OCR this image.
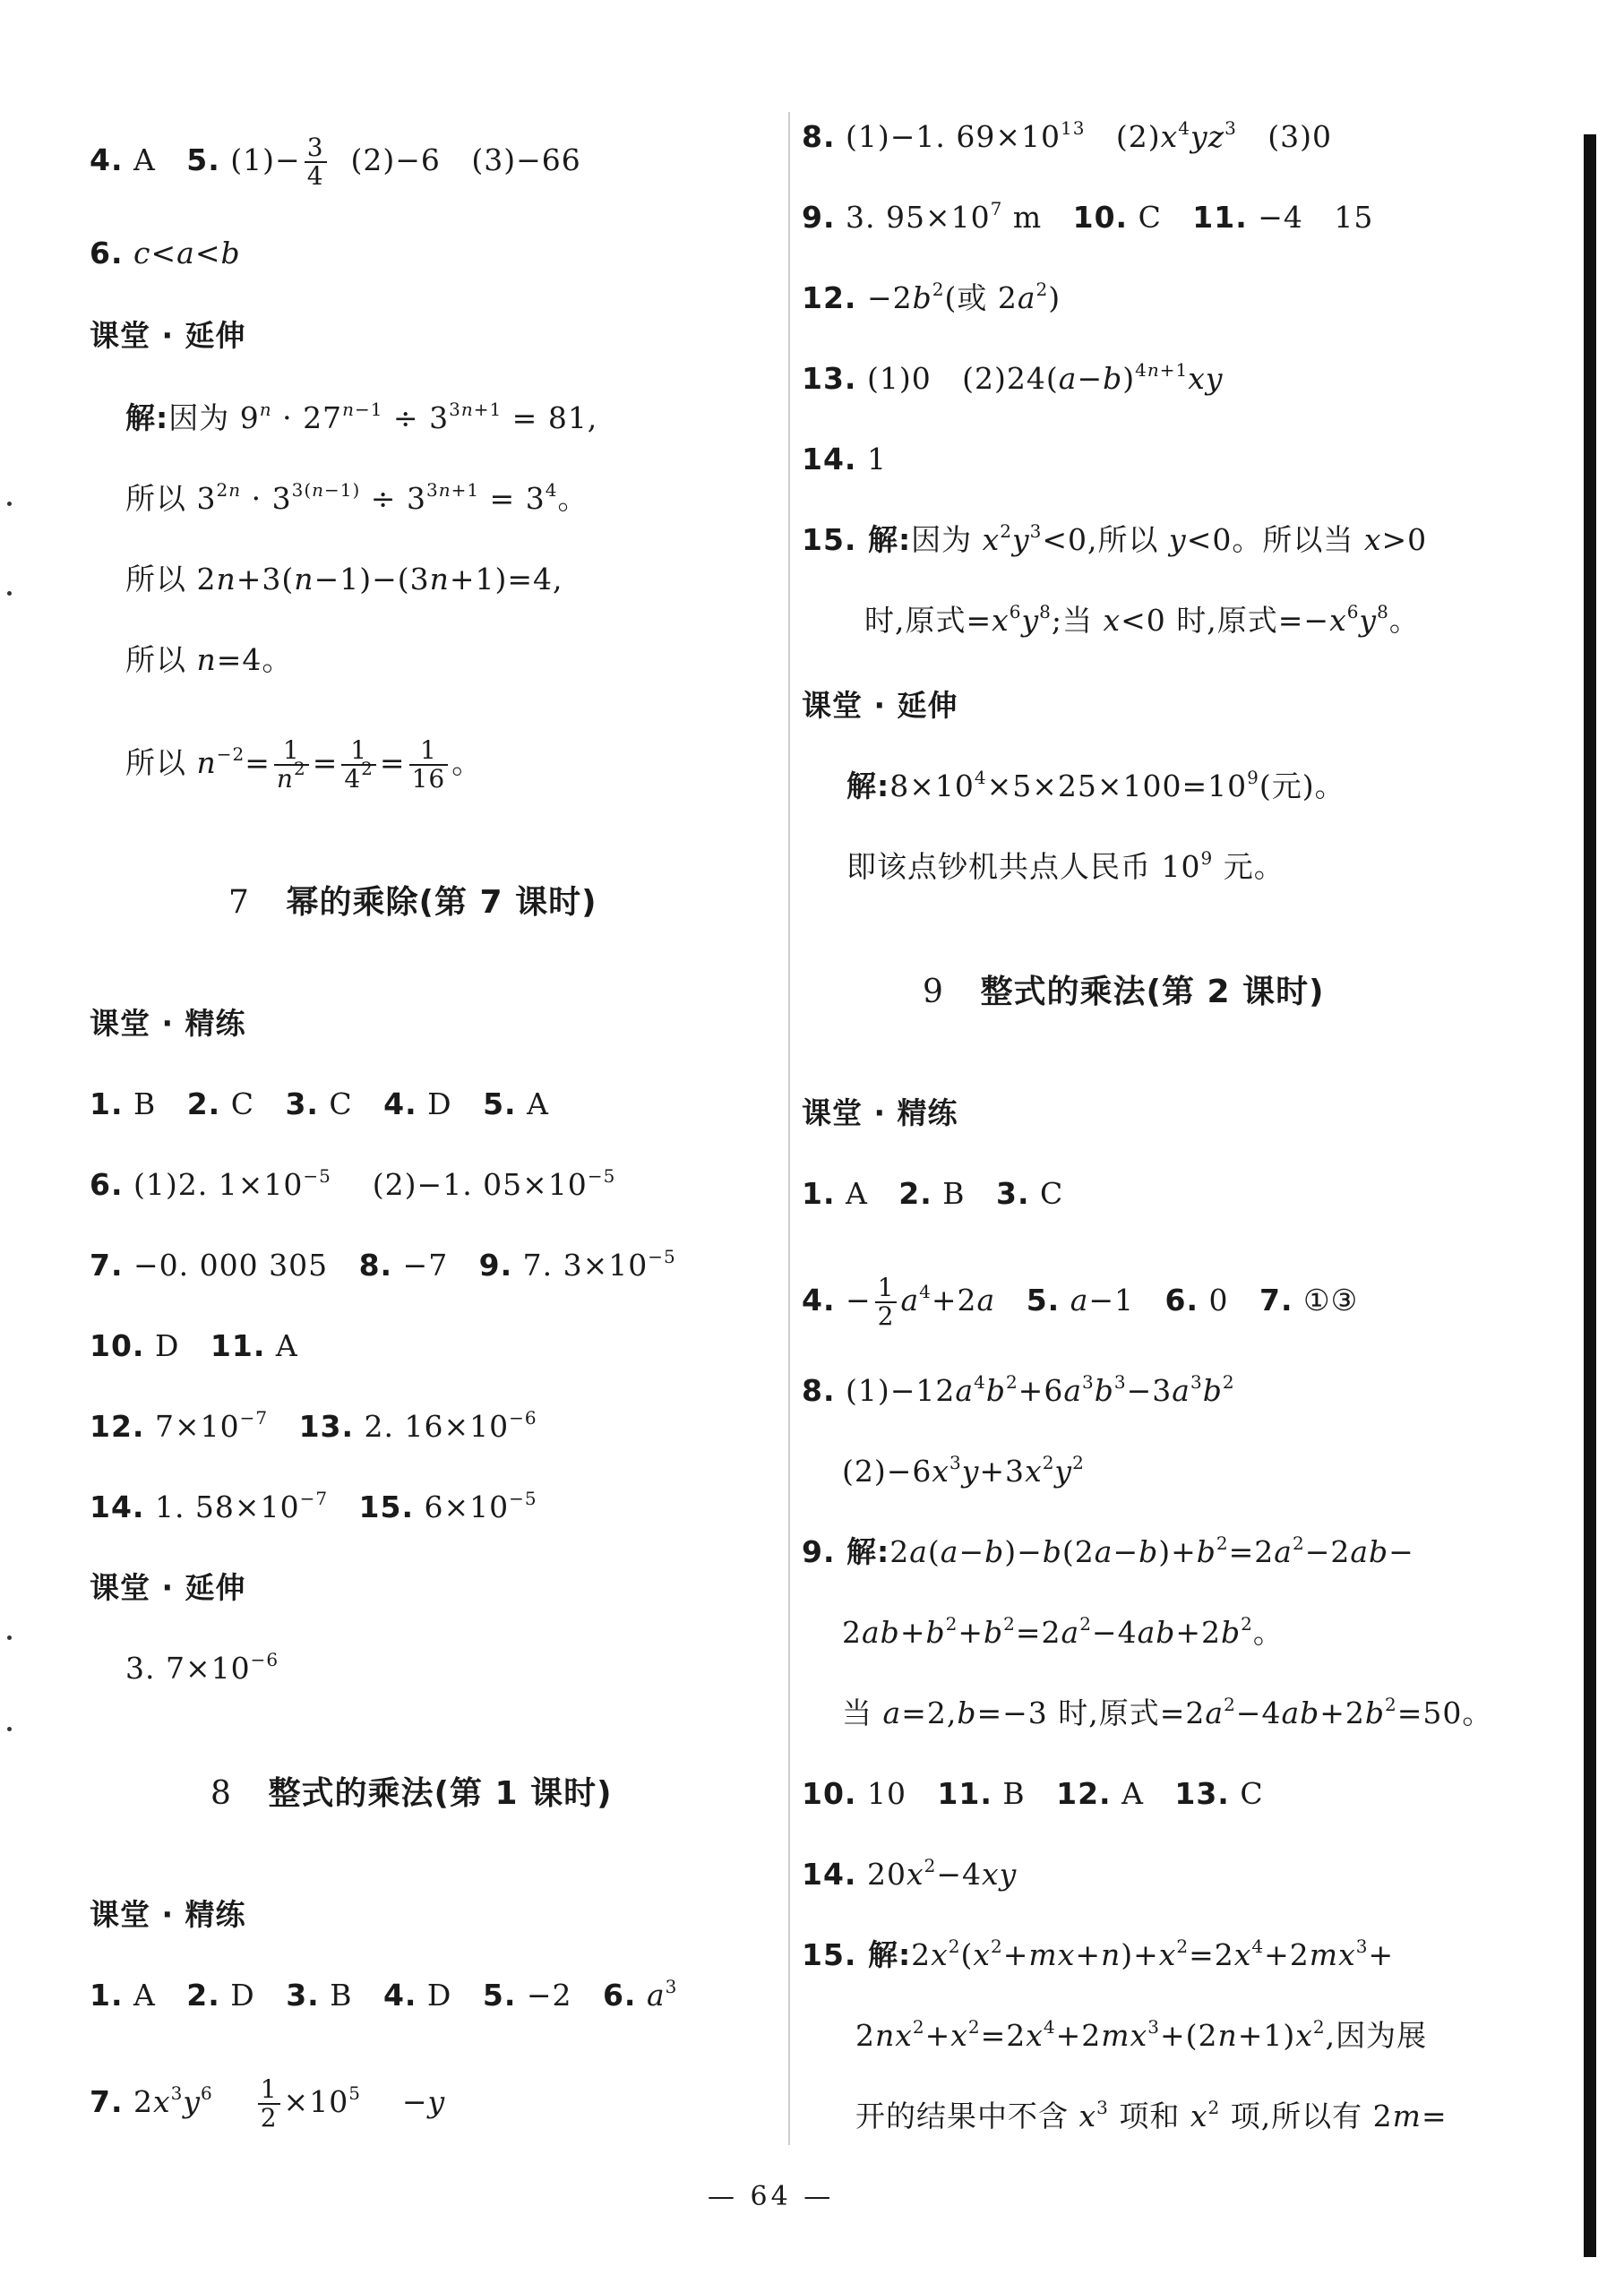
4. A   5. $(1)- \frac{3}{4} (2)-6$   (3)−66
6. c<a<b
课堂 · 延伸
解:因为 $9^n \cdot 27^{n-1} \div 3^{3n+1} = 81$,
所以 $3^{2n} \cdot 3^{3(n-1)} \div 3^{3n+1} = 3^4$。
所以 2n+3(n−1)−(3n+1)=4,
所以 n=4。
所以 $n^{-2}= \frac{1}{n^2} = \frac{1}{4^2} = \frac{1}{16}$ 。
7 幂的乘除(第 7 课时)
课堂 · 精练
1. B   2. C   3. C   4. D   5. A
6. (1)2. $1\times 10^{-5}$    (2)−1. $05\times 10^{-5}$
7. −0. 000 305   8. −7   9. 7. $3\times 10^{-5}$
10. D   11. A
12. $7\times 10^{-7}$ 13. 2. $16\times 10^{-6}$
14. 1. $58\times 10^{-7}$ 15. $6\times 10^{-5}$
课堂 · 延伸
3. $7\times 10^{-6}$
8 整式的乘法(第 1 课时)
课堂 · 精练
1. A   2. D   3. B   4. D   5. −2   6. $a^3$
7. $2x^3y^6 \frac{1}{2} \times 10^5$    −y
8. (1)−1. $69\times 10^{13}$   $(2)x^4yz^3$   (3)0
9. 3. $95\times 10^7$ m   10. C   11. −4   15
12. $-2b^2$(或 $2a^2$)
13. (1)0   $(2)24(a-b)^{4n+1}xy$
14. 1
15. 解:因为 $x^2y^3<0$,所以 y<0。所以当 x>0
时,原式$=x^6y^8$;当 x<0 时,原式$=-x^6y^8$。
课堂 · 延伸
解$:8\times 10^4\times 5\times 25\times 100=10^9$(元)。
即该点钞机共点人民币 $10^9$ 元。
9 整式的乘法(第 2 课时)
课堂 · 精练
1. A   2. B   3. C
4. − $\frac{1}{2} a^4+2a$ 5. a−1   6. 0   7. ①③
8. $(1)-12a^4b^2+6a^3b^3-3a^3b^2$
$(2)-6x^3y+3x^2y^2$
9. 解$:2a(a-b)-b(2a-b)+b^2=2a^2-2ab-$
$2ab+b^2+b^2=2a^2-4ab+2b^2$。
当 a=2,b=−3 时,原式$=2a^2-4ab+2b^2=50$。
10. 10   11. B   12. A   13. C
14. $20x^2-4xy$
15. 解$:2x^2(x^2+mx+n)+x^2=2x^4+2mx^3+$
$2nx^2+x^2=2x^4+2mx^3+(2n+1)x^2$,因为展
开的结果中不含 $x^3$ 项和 $x^2$ 项,所以有 2m=
— 64 —
